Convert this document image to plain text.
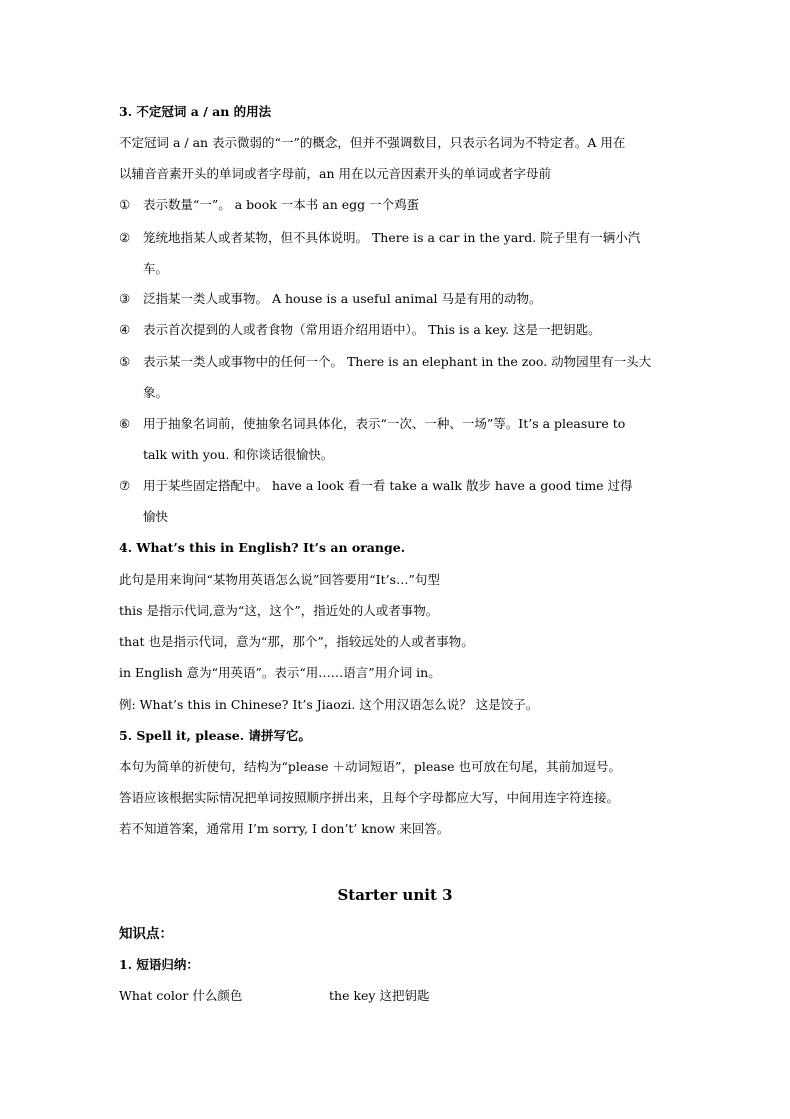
3. 不定冠词 a / an 的用法
不定冠词 a / an 表示微弱的“一”的概念，但并不强调数目，只表示名词为不特定者。A 用在
以辅音音素开头的单词或者字母前，an 用在以元音因素开头的单词或者字母前
① 表示数量“一”。 a book 一本书 an egg 一个鸡蛋
② 笼统地指某人或者某物，但不具体说明。 There is a car in the yard. 院子里有一辆小汽
车。
③ 泛指某一类人或事物。 A house is a useful animal 马是有用的动物。
④ 表示首次提到的人或者食物（常用语介绍用语中）。 This is a key. 这是一把钥匙。
⑤ 表示某一类人或事物中的任何一个。 There is an elephant in the zoo. 动物园里有一头大
象。
⑥ 用于抽象名词前，使抽象名词具体化，表示“一次、一种、一场”等。It’s a pleasure to
talk with you. 和你谈话很愉快。
⑦ 用于某些固定搭配中。 have a look 看一看 take a walk 散步 have a good time 过得
愉快
4. What’s this in English? It’s an orange.
此句是用来询问“某物用英语怎么说”回答要用“It’s…”句型
this 是指示代词,意为“这，这个”，指近处的人或者事物。
that 也是指示代词，意为“那，那个”，指较远处的人或者事物。
in English 意为“用英语”。表示“用……语言”用介词 in。
例: What’s this in Chinese? It’s Jiaozi. 这个用汉语怎么说？ 这是饺子。
5. Spell it, please. 请拼写它。
本句为简单的祈使句，结构为“please ＋动词短语”，please 也可放在句尾，其前加逗号。
答语应该根据实际情况把单词按照顺序拼出来，且每个字母都应大写，中间用连字符连接。
若不知道答案，通常用 I’m sorry, I don’t’ know 来回答。
Starter unit 3
知识点：
1. 短语归纳：
What color 什么颜色	the key 这把钥匙
